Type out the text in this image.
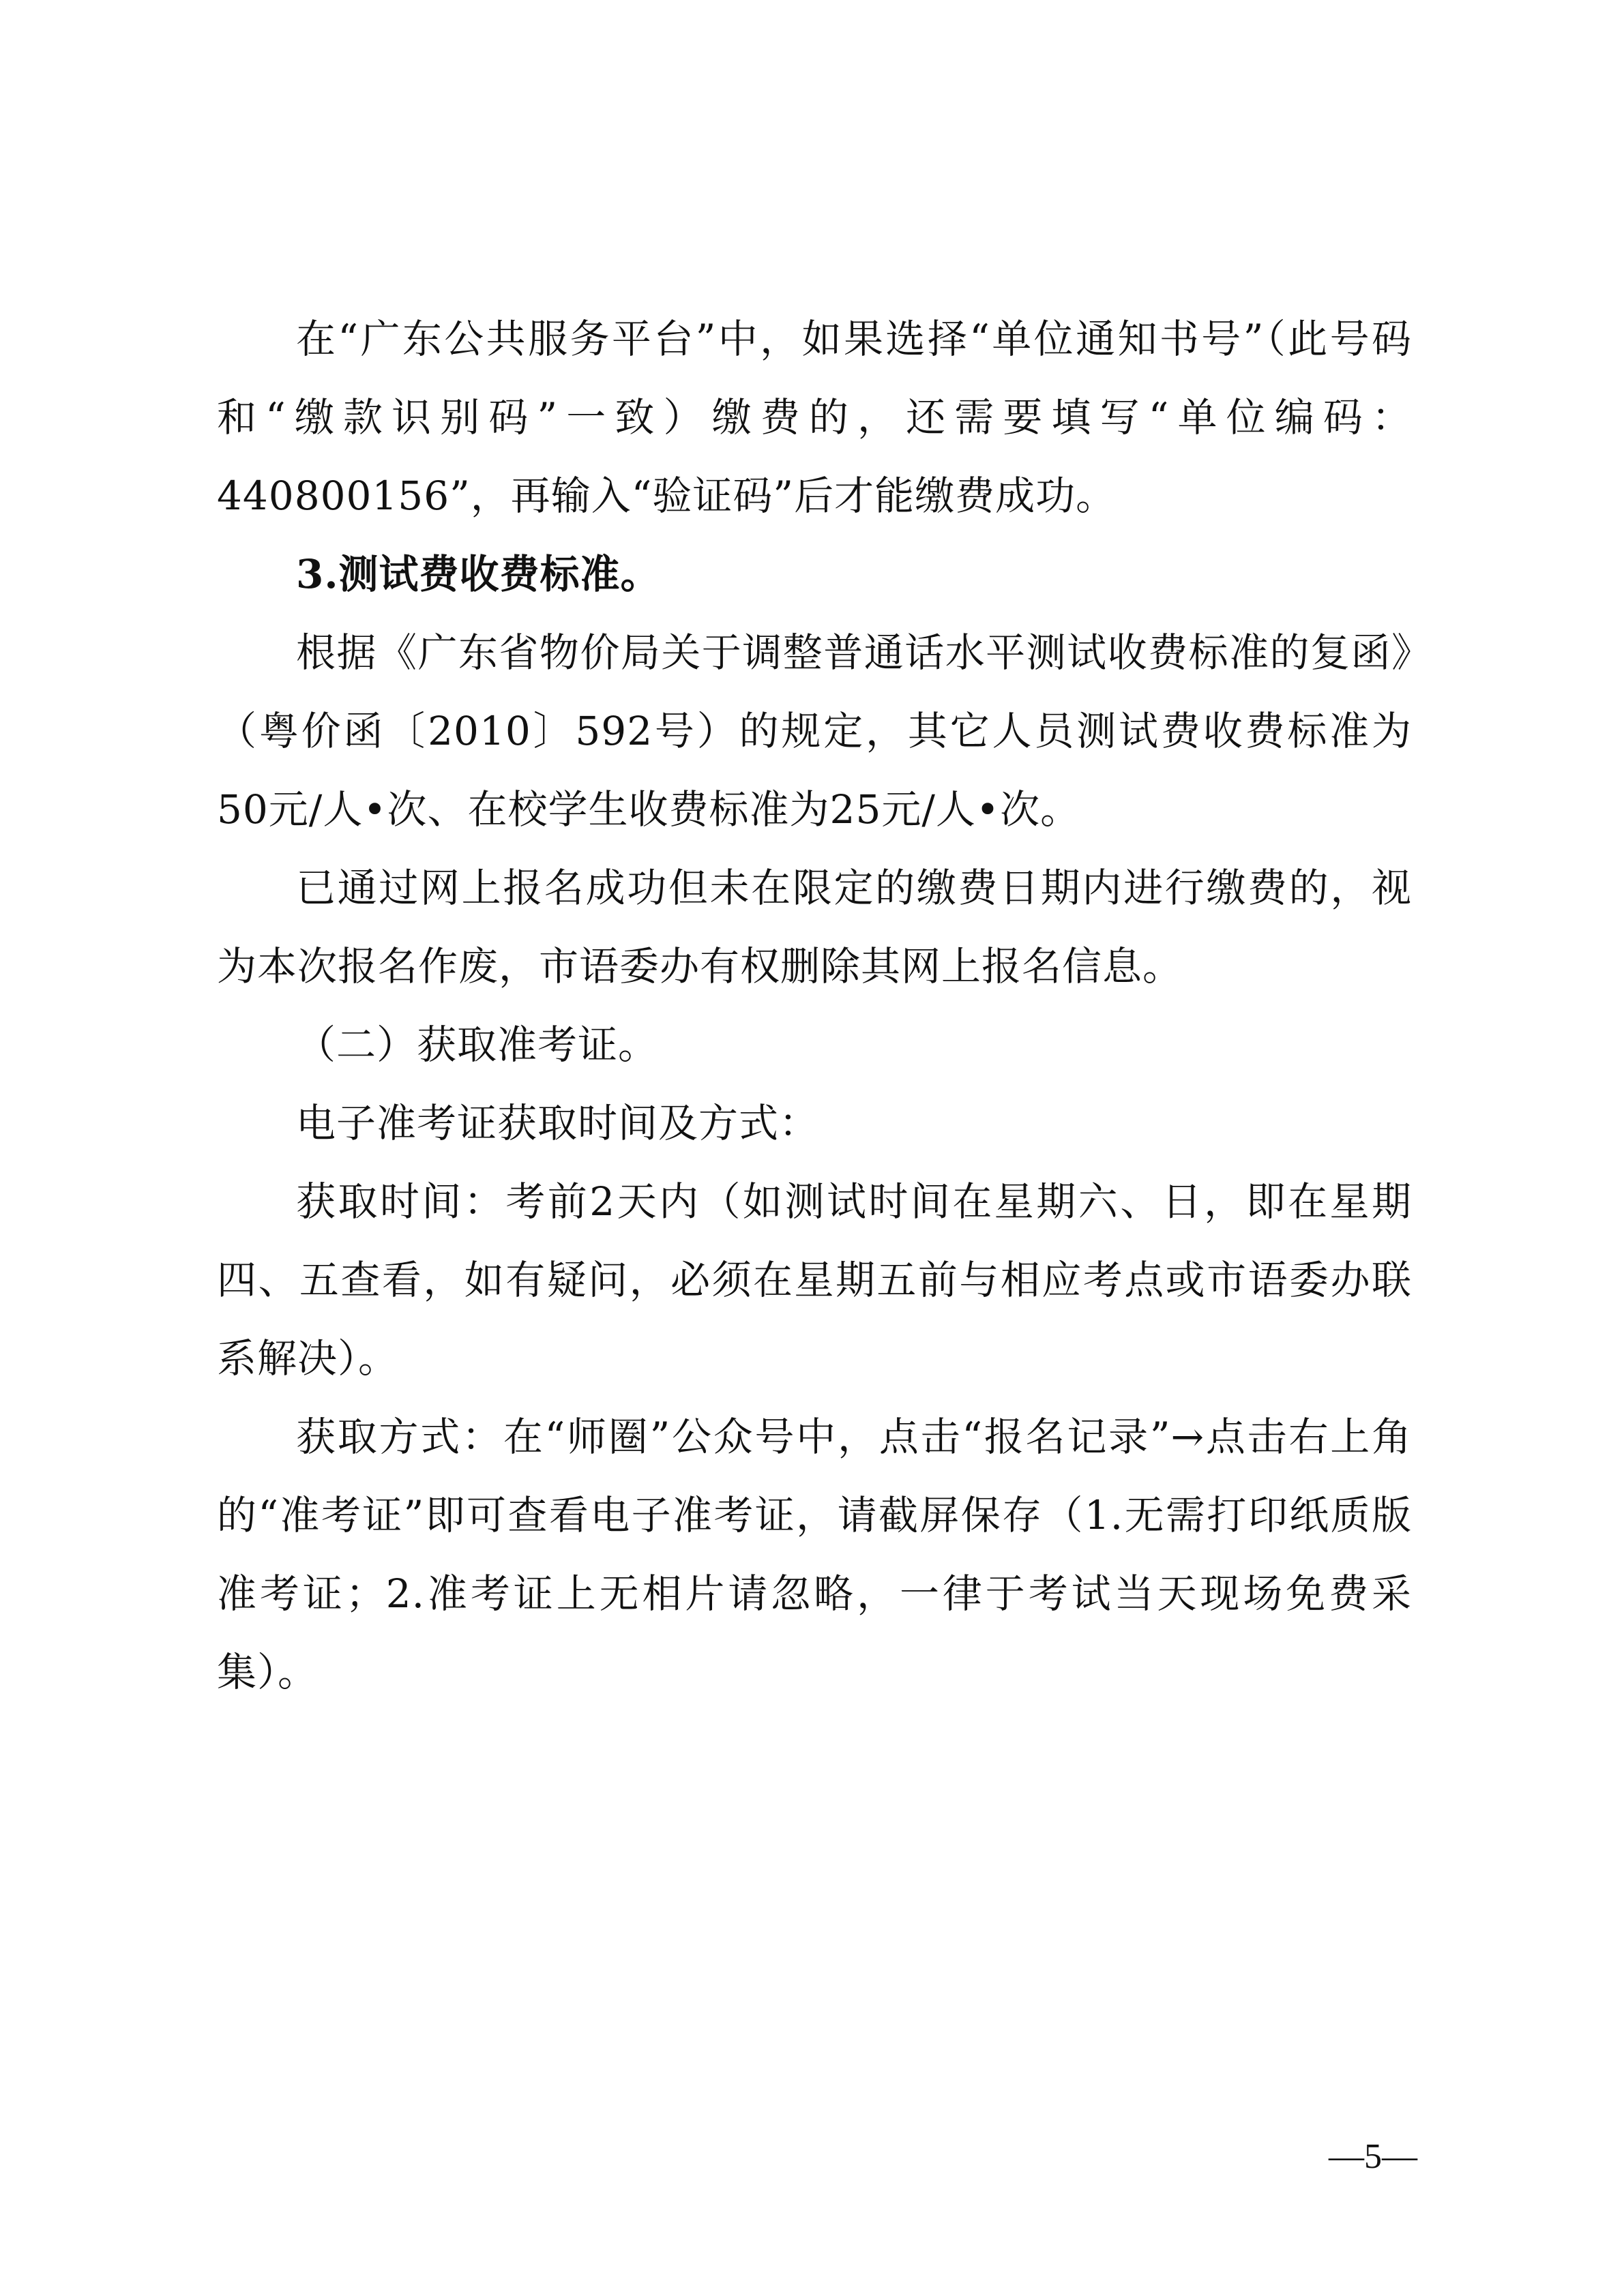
在“广东公共服务平台”中，如果选择“单位通知书号”（此号码和“缴款识别码”一致）缴费的，还需要填写“单位编码：440800156”，再输入“验证码”后才能缴费成功。

3.测试费收费标准。

根据《广东省物价局关于调整普通话水平测试收费标准的复函》（粤价函〔2010〕592号）的规定，其它人员测试费收费标准为50元/人•次、在校学生收费标准为25元/人•次。

已通过网上报名成功但未在限定的缴费日期内进行缴费的，视为本次报名作废，市语委办有权删除其网上报名信息。

（二）获取准考证。

电子准考证获取时间及方式：

获取时间：考前2天内（如测试时间在星期六、日，即在星期四、五查看，如有疑问，必须在星期五前与相应考点或市语委办联系解决）。

获取方式：在“师圈”公众号中，点击“报名记录”→点击右上角的“准考证”即可查看电子准考证，请截屏保存（1.无需打印纸质版准考证；2.准考证上无相片请忽略，一律于考试当天现场免费采集）。

—5—
